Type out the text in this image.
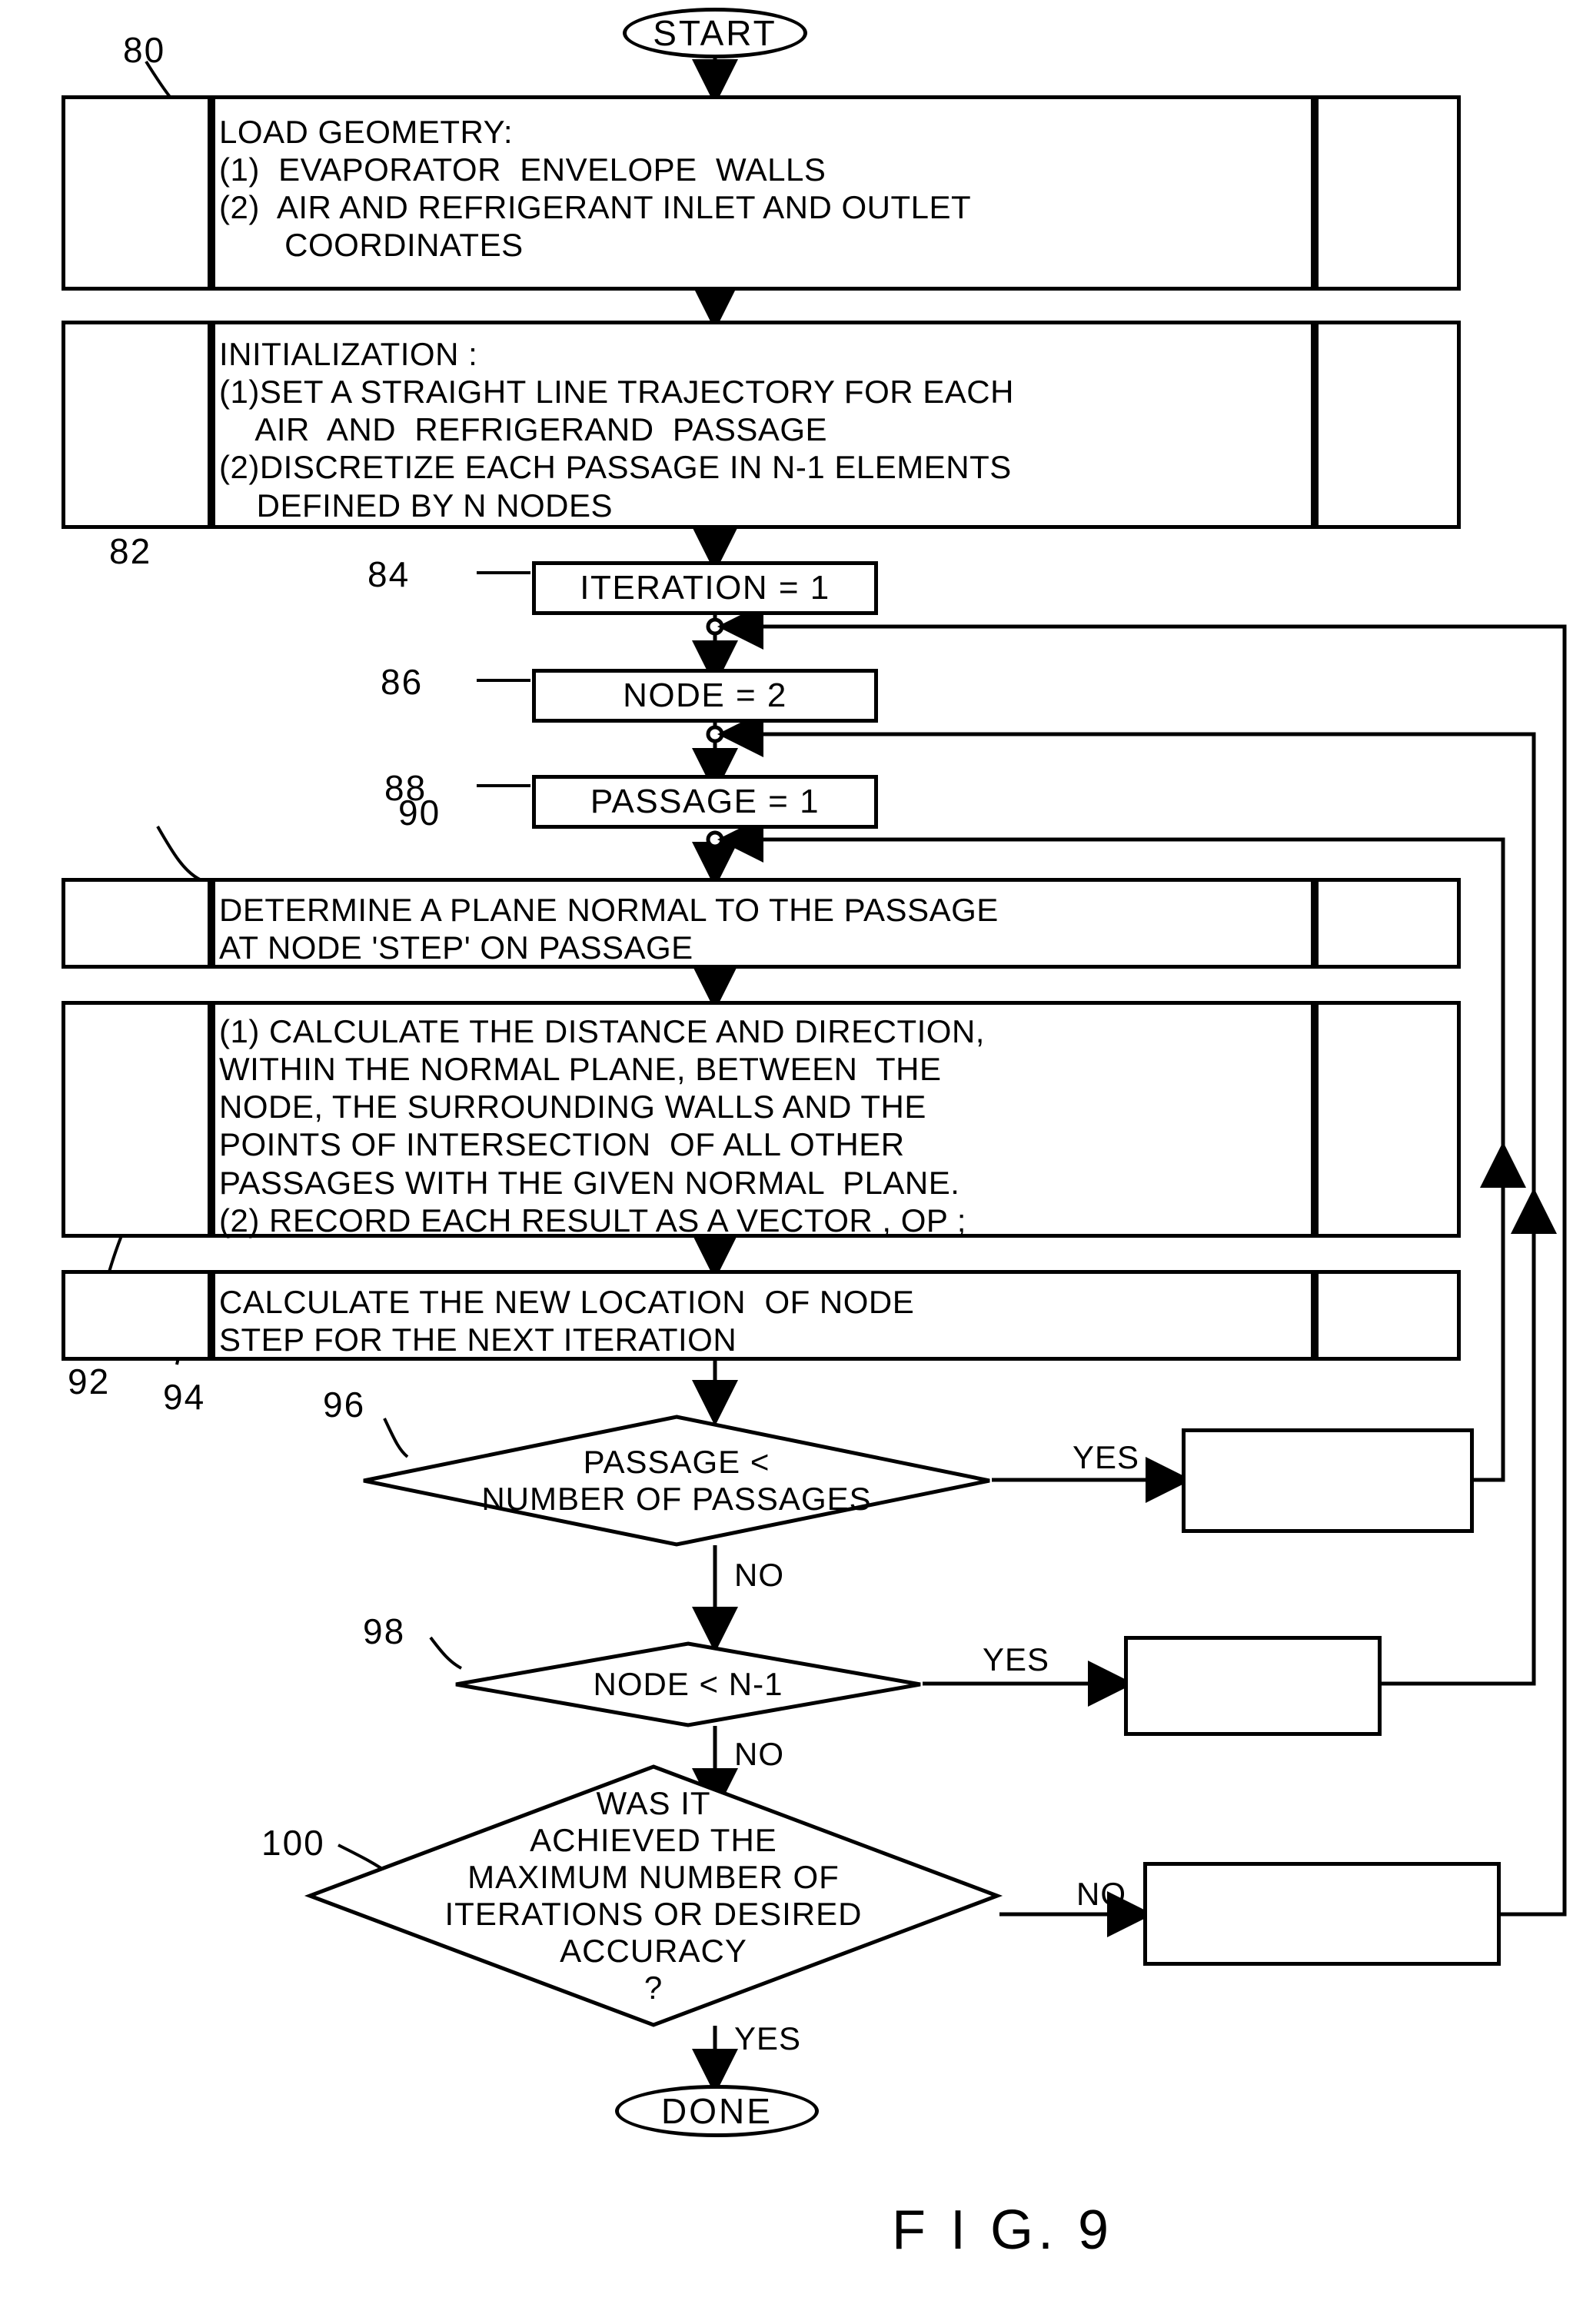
START
LOAD GEOMETRY:
(1)  EVAPORATOR  ENVELOPE  WALLS
(2)  AIR AND REFRIGERANT INLET AND OUTLET
COORDINATES
INITIALIZATION :
(1)SET A STRAIGHT LINE TRAJECTORY FOR EACH
AIR  AND  REFRIGERAND  PASSAGE
(2)DISCRETIZE EACH PASSAGE IN N-1 ELEMENTS
DEFINED BY N NODES
ITERATION = 1
NODE = 2
PASSAGE = 1
DETERMINE A PLANE NORMAL TO THE PASSAGE
AT NODE 'STEP' ON PASSAGE
(1) CALCULATE THE DISTANCE AND DIRECTION,
WITHIN THE NORMAL PLANE, BETWEEN  THE
NODE, THE SURROUNDING WALLS AND THE
POINTS OF INTERSECTION  OF ALL OTHER
PASSAGES WITH THE GIVEN NORMAL  PLANE.
(2) RECORD EACH RESULT AS A VECTOR , OP ;
CALCULATE THE NEW LOCATION  OF NODE
STEP FOR THE NEXT ITERATION
PASSAGE <
NUMBER OF PASSAGES
YES
NO
NODE < N-1
YES
NO
WAS IT
ACHIEVED THE
MAXIMUM NUMBER OF
ITERATIONS OR DESIRED
ACCURACY
?
NO
YES
DONE
80
82
84
86
88
92 94	96
98
100
90
F I G. 9
